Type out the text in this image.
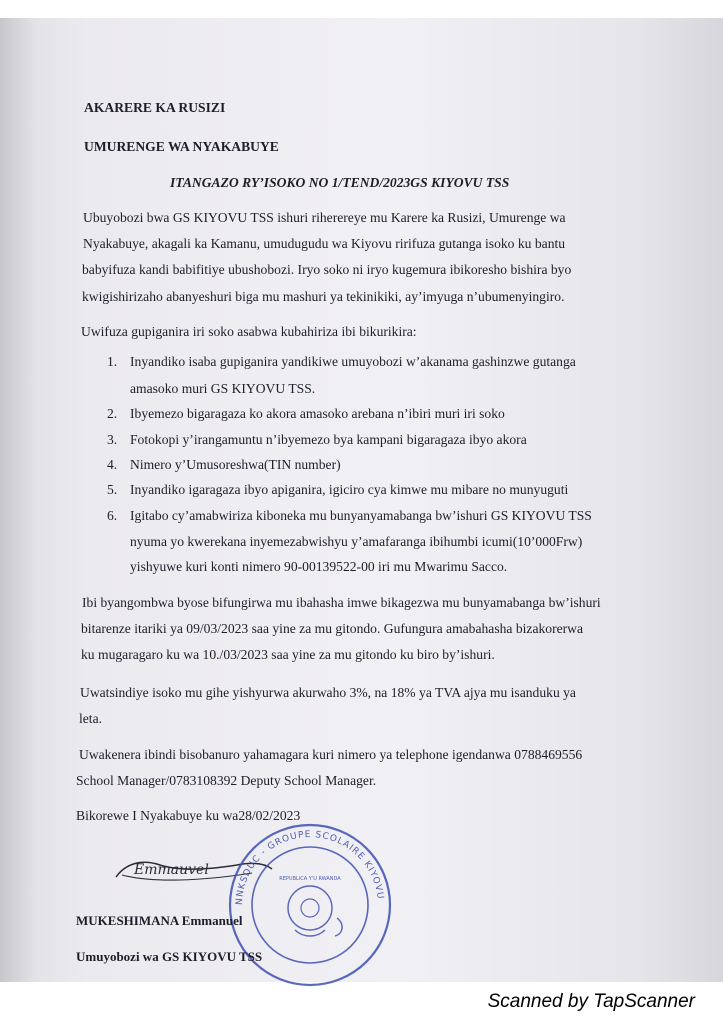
AKARERE KA RUSIZI
UMURENGE WA NYAKABUYE
ITANGAZO RY’ISOKO NO 1/TEND/2023GS KIYOVU TSS
Ubuyobozi bwa GS KIYOVU TSS ishuri riherereye mu Karere ka Rusizi, Umurenge wa
Nyakabuye, akagali ka Kamanu, umudugudu wa Kiyovu ririfuza gutanga isoko ku bantu
babyifuza kandi babifitiye ubushobozi. Iryo soko ni iryo kugemura ibikoresho bishira byo
kwigishirizaho abanyeshuri biga mu mashuri ya tekinikiki, ay’imyuga n’ubumenyingiro.
Uwifuza gupiganira iri soko asabwa kubahiriza ibi bikurikira:
1. Inyandiko isaba gupiganira yandikiwe umuyobozi w’akanama gashinzwe gutanga
amasoko muri GS KIYOVU TSS.
2. Ibyemezo bigaragaza ko akora amasoko arebana n’ibiri muri iri soko
3. Fotokopi y’irangamuntu n’ibyemezo bya kampani bigaragaza ibyo akora
4. Nimero y’Umusoreshwa(TIN number)
5. Inyandiko igaragaza ibyo apiganira, igiciro cya kimwe mu mibare no munyuguti
6. Igitabo cy’amabwiriza kiboneka mu bunyanyamabanga bw’ishuri GS KIYOVU TSS
nyuma yo kwerekana inyemezabwishyu y’amafaranga ibihumbi icumi(10’000Frw)
yishyuwe kuri konti nimero 90-00139522-00 iri mu Mwarimu Sacco.
Ibi byangombwa byose bifungirwa mu ibahasha imwe bikagezwa mu bunyamabanga bw’ishuri
bitarenze itariki ya 09/03/2023 saa yine za mu gitondo. Gufungura amabahasha bizakorerwa
ku mugaragaro ku wa 10./03/2023 saa yine za mu gitondo ku biro by’ishuri.
Uwatsindiye isoko mu gihe yishyurwa akurwaho 3%, na 18% ya TVA ajya mu isanduku ya
leta.
Uwakenera ibindi bisobanuro yahamagara kuri nimero ya telephone igendanwa 0788469556
School Manager/0783108392 Deputy School Manager.
Bikorewe I Nyakabuye ku wa28/02/2023
Emmauvel
NNKSDUC - GROUPE SCOLAIRE KIYOVU
REPUBLICA Y'U RWANDA
MUKESHIMANA Emmanuel
Umuyobozi wa GS KIYOVU TSS
Scanned by TapScanner
